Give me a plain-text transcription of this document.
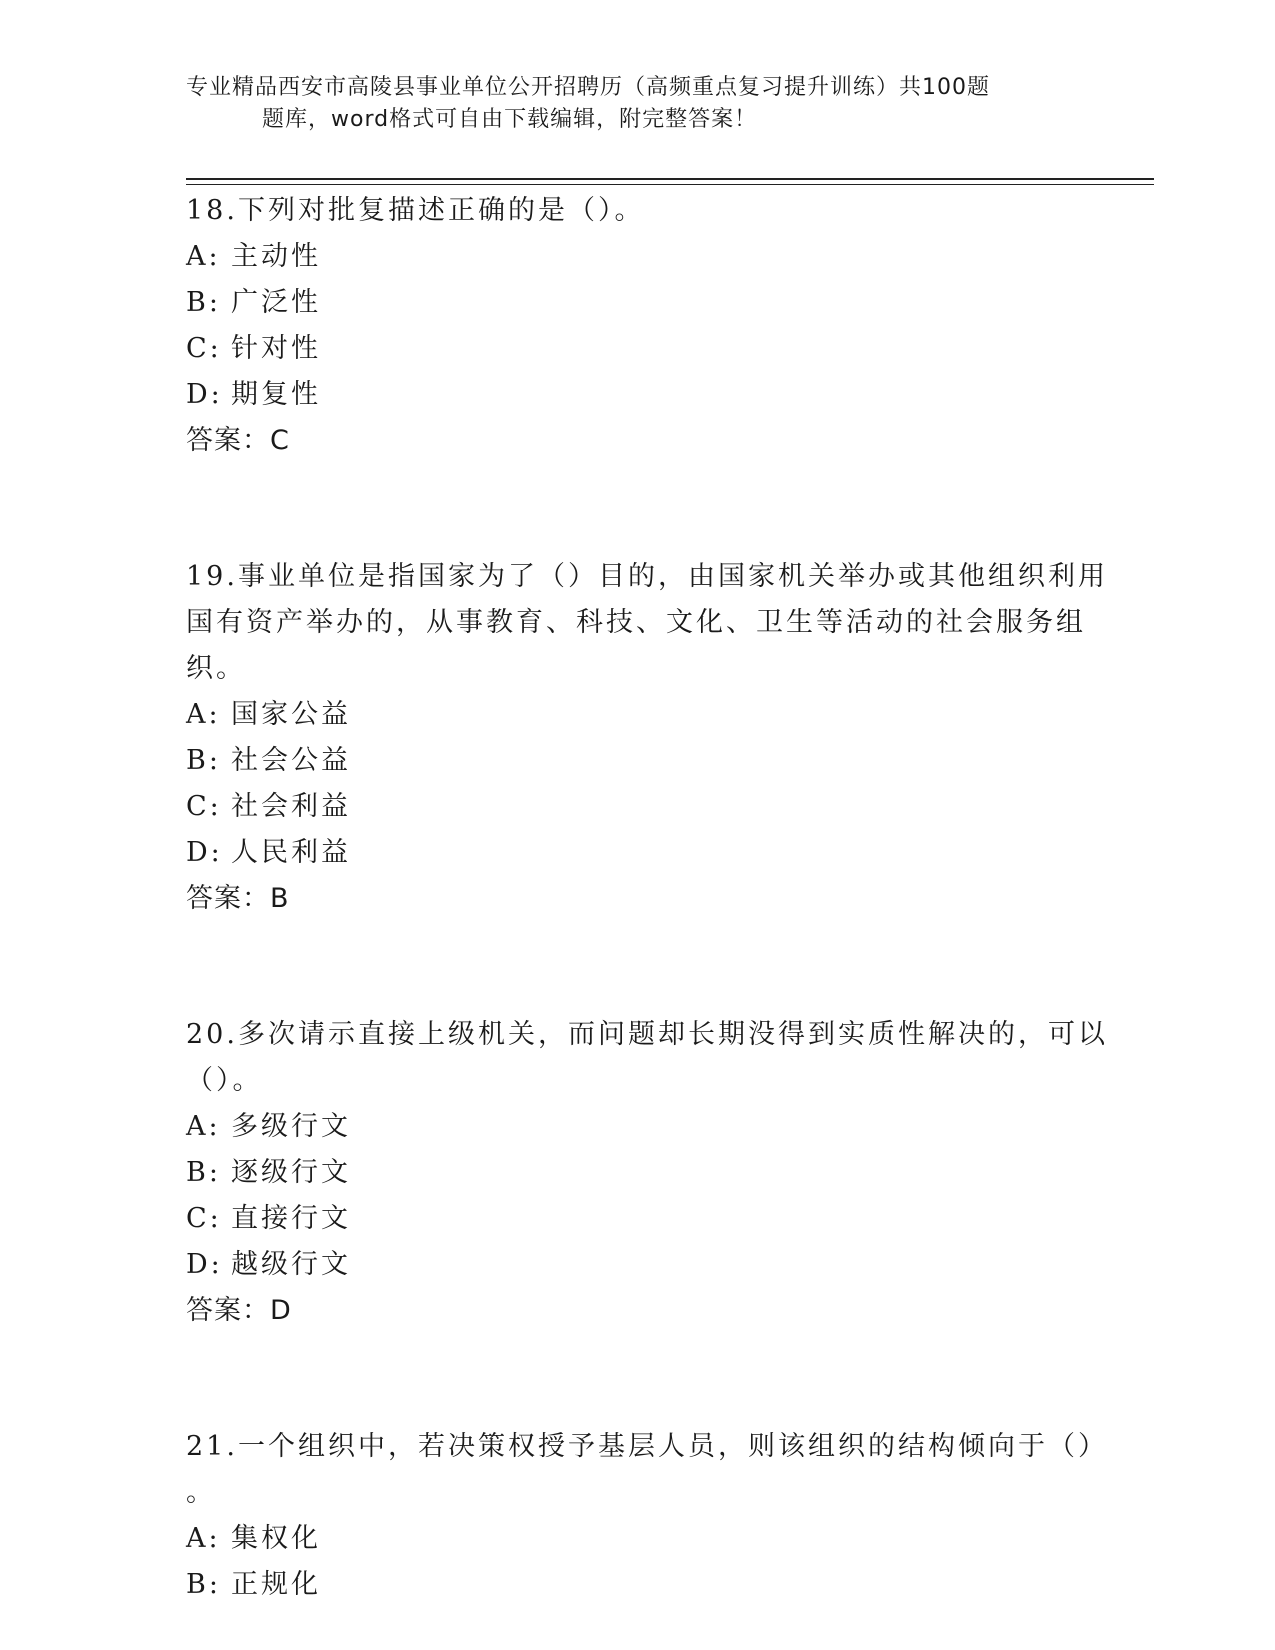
专业精品西安市高陵县事业单位公开招聘历（高频重点复习提升训练）共100题
题库，word格式可自由下载编辑，附完整答案！
18.下列对批复描述正确的是（）。
A: 主动性
B: 广泛性
C: 针对性
D: 期复性
答案：C
19.事业单位是指国家为了（）目的，由国家机关举办或其他组织利用
国有资产举办的，从事教育、科技、文化、卫生等活动的社会服务组
织。
A: 国家公益
B: 社会公益
C: 社会利益
D: 人民利益
答案：B
20.多次请示直接上级机关，而问题却长期没得到实质性解决的，可以
（）。
A: 多级行文
B: 逐级行文
C: 直接行文
D: 越级行文
答案：D
21.一个组织中，若决策权授予基层人员，则该组织的结构倾向于（）
。
A: 集权化
B: 正规化
